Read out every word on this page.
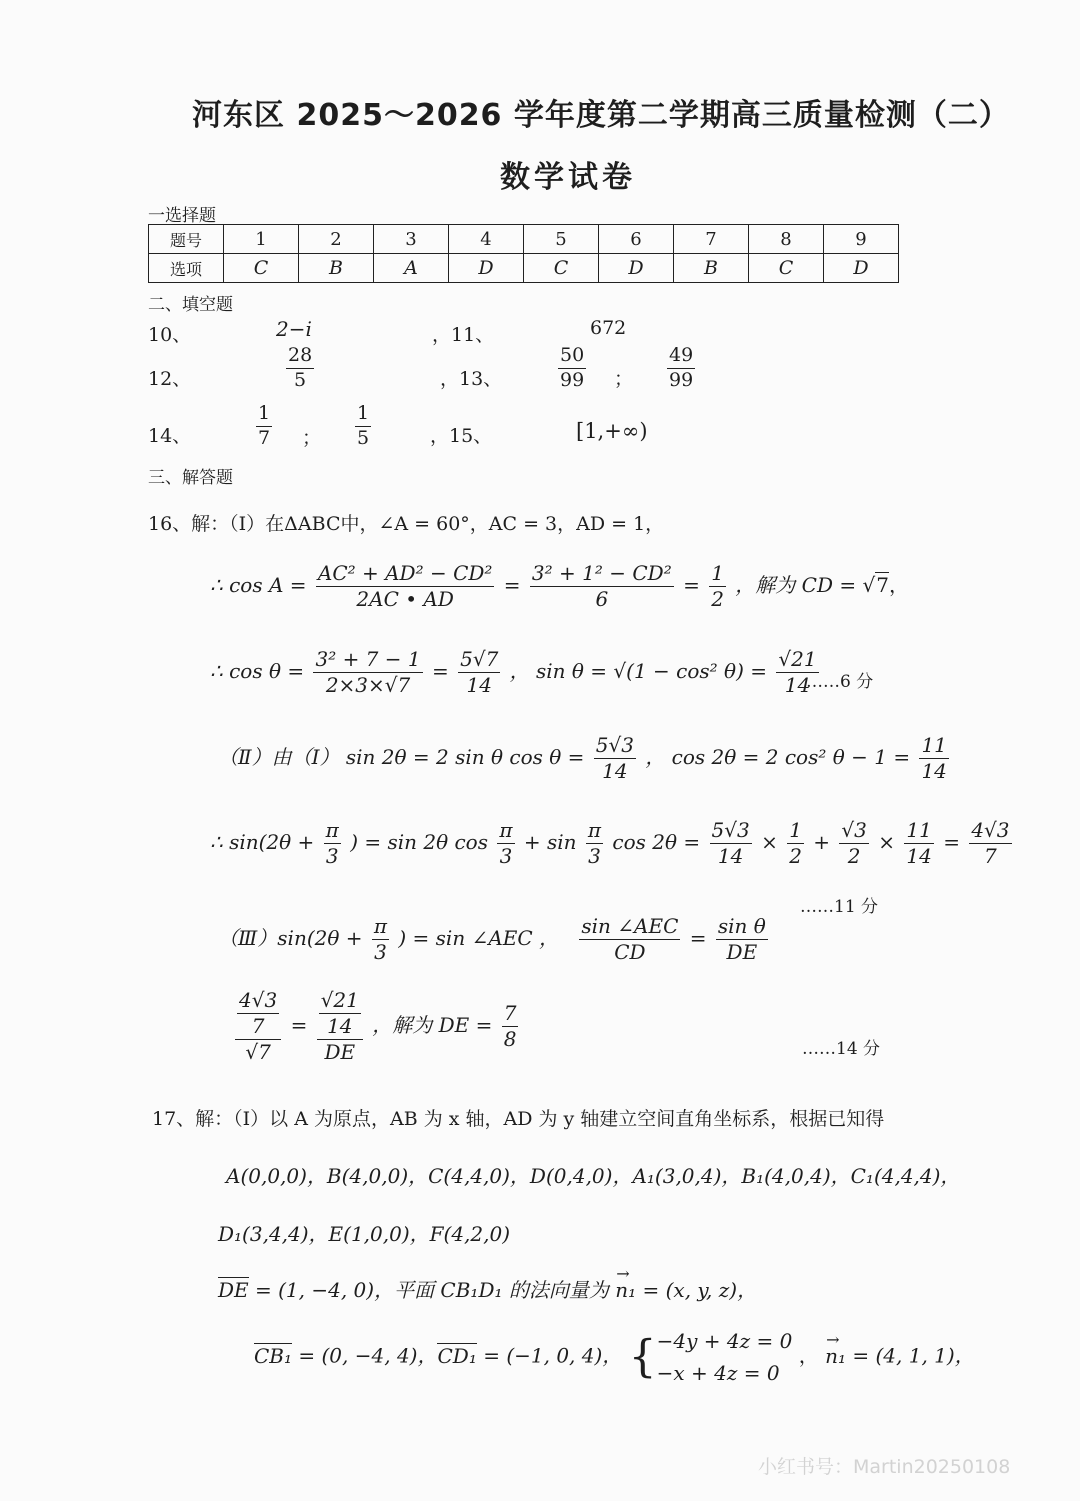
河东区 2025～2026 学年度第二学期高三质量检测（二）
数学试卷
一选择题
题号	1	2	3	4	5	6	7	8	9
选项	C	B	A	D	C	D	B	C	D
二、填空题
10、	2−i	，11、	672
12、	$\frac{28}{5}$	，13、	$\frac{50}{99}$ ； $\frac{49}{99}$
14、	$\frac{1}{7}$ ； $\frac{1}{5}$	，15、	[1,+∞)
三、解答题
16、解：（Ⅰ）在ΔABC中，∠A = 60°，AC = 3，AD = 1，
∴ $\cos A = \frac{\text{AC² + AD² − CD²}}{2AC • AD} = \frac{\text{3² + 1² − CD²}}{6} = \frac{1}{2}$ ，解为 CD = √7，
∴ $\cos \theta = \frac{\text{3² + 7 − 1}}{2\times 3\times√7} = \frac{5√7}{14}$ ， sin θ = √(1 − cos² $\theta) = \frac{√21}{14}$
……6 分
（Ⅱ）由（Ⅰ） sin 2θ = 2 sin θ $\cos \theta = \frac{5√3}{14}$ ， cos 2θ = 2 cos² $\theta - 1 = \frac{11}{14}$
∴ $\sin(2\theta + \frac{\pi}{3}$ ) = sin 2θ $\cos \frac{\pi}{3} + \sin \frac{\pi}{3}$ $\cos 2\theta = \frac{5√3}{14} \times \frac{1}{2} + \frac{√3}{2} \times \frac{11}{14} = \frac{4√3}{7}$
……11 分
（Ⅲ）sin(2θ + $\frac{\pi}{3}$ ) = sin ∠AEC ， $\frac{\text{sin ∠AEC}}{CD} = \frac{\text{sin θ}}{DE}$
$\frac{\frac{4√3}{7}}{√7} = \frac{\frac{√21}{14}}{DE}$ ，解为 DE = $\frac{7}{8}$	……14 分
17、解：（Ⅰ）以 A 为原点，AB 为 x 轴，AD 为 y 轴建立空间直角坐标系，根据已知得
A(0,0,0)，B(4,0,0)，C(4,4,0)，D(0,4,0)，A₁(3,0,4)，B₁(4,0,4)，C₁(4,4,4)，
D₁(3,4,4)，E(1,0,0)，F(4,2,0)
DE = (1, −4, 0)，平面 CB₁D₁ 的法向量为
→
n₁ = (x, y, z)，
CB₁ = (0, −4, 4)，CD₁ = (−1, 0, 4)， {−4y + 4z = 0
−x + 4z = 0 ，
→
n₁ = (4, 1, 1)，
小红书号：Martin20250108
